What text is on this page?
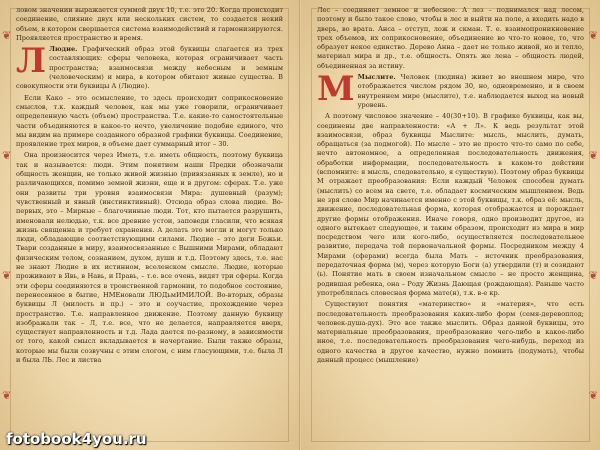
❦
❦
❦
❦

ловом значении выражается суммой двух 10, т.е. это 20. Когда происходит соединение, слияние двух или нескольких систем, то создается некий объем, в котором свершается система взаимодействий и гармонизируются. Проявляется пространство и время.

Л Людие. Графический образ этой буквицы слагается из трех составляющих: сферы человека, которая ограничивает часть пространства; взаимосвязи между небесным и земным (человеческим) и мира, в котором обитают живые существа. В совокупности эти буквицы А (Людие).

Если Како – это осмысление, то здесь происходит соприкосновение смыслов, т.к. каждый человек, как мы уже говорили, ограничивает определенную часть (объем) пространства. Т.е. какие-то самостоятельные части объединяются в какое-то нечто, увеличение подобие единого, что мы видим на примере созданного образной графики буквицы. Соединение, проявление трех миров, в объеме дает суммарный итог – 30.

Она произносится через Иметь, т.е. иметь общность, поэтому буквица так и называется: люди. Этим понятием наши Предки обозначали общность женщин, не только живой жизнью (привязанных к земле), но и различающихся, помимо земной жизни, еще и в другом: сферах. Т.е. уже они развиты три уровня взаимосвязи Мира: душевный (разум); чувственный и явный (инстинктивный). Отсюда образ слова людие. Во-первых, это – Мирные – благочинные люди. Тот, кто пытается разрушить, именовали нелюдью, т.к. все древние устои, заповеди гласили, что всякая жизнь священна и требует охранения. А делать это могли и могут только люди, обладающие соответствующими силами. Людие – это деги Божьи. Твари созданные в миру, взаимосвязанные с Вышними Мирами, обладают физическим телом, сознанием, духом, души и т.д. Поэтому здесь, т.е. нас не знают Людие в их истинном, вселенском смысле. Людие, которые проживают в Явь, в Навь, и Правь, – т.е. все очень, видят три сферы. Когда эти сферы соединяются в троиственной гармонии, то подобное состояние, перенесенное в бытие, НМЕновали ЛЮДьмИМИЛОЙ. Во-вторых, образы буквицы Л (милость и пр.) – это и соучастие, прохождение через пространство. Т.е. направленное движение. Поэтому данную буквицу изображали так – Л, т.е. все, что не делается, направляется вверх, существует направленность и т.д. Лада дается по-разному, в зависимости от того, какой смысл вкладывается в начертание. Были также образы, которые мы были созвучны с этим слогом, с ним гласующими, т.е. была Л и была ЛЬ. Лес и листва

fotobook4you.ru
❦
❦
❦
❦

Лес – соединяет земное и небесное. А лез – поднимался над лесом, поэтому и было такое слово, чтобы в лес и выйти на поле, а входить надо в дверь, во врата. Анса – отступ, лож и скман. Т. е. взаимопроникновение трех объемов, их соприкосновение, объединение во что-то новое, то, что образует некое единство. Дерево Анна – дает не только живой, но и тепло, материал мира и др., т.е. общность. Опять же лена – общность людей, объединенная за истину.

М Мыслите. Человек (людина) живет во внешнем мире, что отображается числом рядом 30, но, одновременно, и в своем внутреннем мире (мыслите), т.е. наблюдается выход на новый уровень.

А поэтому числовое значение – 40(30+10). В графике буквицы, как вы, соединены две направленности: «А + Л». К ведь результат этой взаимосвязи, образ буквицы Мыслите: мысль, мыслить, думать, обращаться (за подмогой). По мысле – это не просто что-то само по себе, нечто автономное, а определенная последовательность движения, обработки информации, последовательность в каком-то действии (вспомните: я мысль, следовательно, я существую). Поэтому образ буквицы М отражает преобразования: Если каждый Человек способен думать (мыслить) со всем на свете, т.е. обладает космическим мышлением. Ведь не зря слово Мир начинается именно с этой буквицы, т.к. образ её: мысль, движение, последовательная форма, которая отображается и порождает другие формы отображения. Иначе говоря, одно производит другое, из одного вытекает следующее, и таким образом, происходит из мира в мир посредством чего или кого-либо, осуществляется последовательное развитие, передача той первоначальной формы. Посредником между 4 Мирами (сферами) всегда была Мать – источник преобразования, передаточная форма (м), через которую Боги (а) утвердили (т) и созидают (ь). Понятие мать в своем изначальном смысле – не просто женщина, родившая ребенка, она – Роду Жизнь Дающая (рождающая). Раньше часто употреблялась словесная форма мате(н), т.к. в-е кр.

Существуют понятия «материнство» и «материя», что есть последовательность преобразования каких-либо форм (семя-деревоплод; человек-душа-дух). Это все также мыслить. Образ данной буквицы, это материальные преобразования, преобразование чего-либо в какое-либо иное, т.е. последовательность преобразования чего-нибудь, переход из одного качества в другое качество, нужно помнить (подумать), чтобы данный процесс (мышление)
